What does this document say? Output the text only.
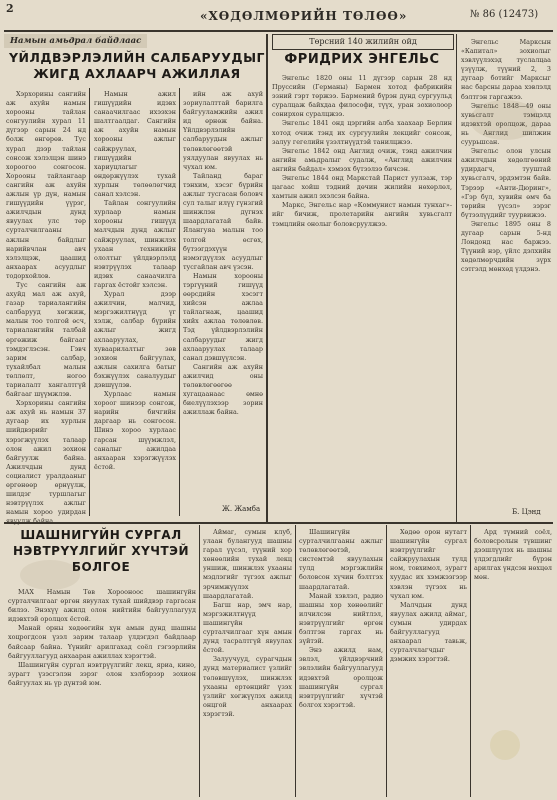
2
«ХӨДӨЛМӨРИЙН ТӨЛӨӨ»	№ 86 (12473)
Намын амьдрал байдлаас
ҮЙЛДВЭРЛЭЛИЙН САЛБАРУУДЫГ ЖИГД АХЛААРЧ АЖИЛЛАЯ

Хэрхорины сангийн аж ахуйн намын хорооны тайлан сонгуулийн хурал 11 дүгээр сарын 24 нд болж өнгөрөв. Тус хурал дээр тайлан сонсож хэлэлцэн шинэ хороогоо сонгосон. Хорооны тайлангаар сангийн аж ахуйн ажлын үр дүн, намын гишүүдийн үүрэг, ажилчдын дунд явуулах улс төр сурталчилгааны ажлын байдлыг нарийвчлан авч хэлэлцэж, цаашид анхаарах асуудлыг тодорхойлов.

Тус сангийн аж ахуйд мал аж ахуй, газар тариалангийн салбарууд хөгжиж, малын тоо толгой өсч, тариалангийн талбай өргөжиж байгааг тэмдэглэсэн. Гэвч зарим салбар, тухайлбал малын төллөлт, ногоо тариалалт хангалтгүй байгааг шүүмжлэв.

Хэрхорины сангийн аж ахуй нь намын 37 дугаар их хурлын шийдвэрийг хэрэгжүүлэх талаар олон ажил зохион байгуулж байна. Ажилчдын дунд социалист уралдааныг өргөнөөр өрнүүлж, шилдэг туршлагыг нэвтрүүлэх ажлыг намын хороо удирдан

Намын ажил гишүүдийн идэвх санаачилгаас ихээхэн шалтгаалдаг. Сангийн аж ахуйн намын хорооны ажлыг сайжруулах, гишүүдийн хариуцлагыг өндөржүүлэх тухай хурлын төлөөлөгчид санал хэлсэн.

Тайлан сонгуулийн хурлаар намын хорооны гишүүд малчдын дунд ажлыг сайжруулах, шинжлэх ухаан техникийн ололтыг үйлдвэрлэлд нэвтрүүлэх талаар идэвх санаачилга гаргах ёстойг хэлсэн.

Хурал дээр ажилчин, малчид, мэргэжилтнүүд үг хэлж, салбар бүрийн ажлыг жигд ахлааруулах, хуваарилалтыг зөв зохион байгуулах, ажлын сахилга батыг бэхжүүлэх саналуудыг дэвшүүлэв.

Хурлаас намын хороог шинээр сонгож, нарийн бичгийн даргаар нь сонгосон. Шинэ хороо хурлаас гарсан шүүмжлэл, саналыг ажилдаа анхааран хэрэгжүүлэх ёстой.

ийн аж ахуй зориулалттай барилга байгууламжийн ажил ид өрнөж байна. Үйлдвэрлэлийн салбаруудын ажлыг төлөвлөгөөтэй уялдуулан явуулах нь чухал юм.

Тайланд бараг тэнхим, хэсэг бүрийн ажлыг тусгасан боловч сул талыг илүү гүнзгий шинжлэн дүгнэх шаардлагатай байв. Ялангуяа малын тоо толгой өсгөх, бүтээгдэхүүн нэмэгдүүлэх асуудлыг тусгайлан авч үзсэн.

Намын хорооны тэргүүний гишүүд өөрсдийн хэсэгт хийсэн ажлаа тайлагнаж, цаашид хийх ажлаа төлөвлөв. Тэд үйлдвэрлэлийн салбаруудыг жигд ахлааруулах талаар санал дэвшүүлсэн.

Сангийн аж ахуйн ажилчид оны төлөвлөгөөгөө хугацаанаас өмнө биелүүлэхээр зорин ажиллаж байна.

Ж. Жамба
Төрсний 140 жилийн ойд
ФРИДРИХ ЭНГЕЛЬС

Энгельс 1820 оны 11 дүгээр сарын 28 нд Пруссийн (Германы) Бармен хотод фабрикийн эзний гэрт төржээ. Бармений бүрэн дунд сургуульд суралцаж байхдаа философи, түүх, уран зохиолоор сонирхон суралцжээ.

Энгельс 1841 онд цэргийн алба хаахаар Берлин хотод очиж тэнд их сургуулийн лекцийг сонсож, залуу гегелийн үзэлтнүүдтэй танилцжээ.

Энгельс 1842 онд Англид очиж, тэнд ажилчин ангийн амьдралыг судалж, «Англид ажилчин ангийн байдал» хэмээх бүтээлээ бичсэн.

Энгельс 1844 онд Маркстай Парист уулзаж, тэр цагаас хойш тэдний дөчин жилийн нөхөрлөл, хамтын ажил эхэлсэн байна.

Маркс, Энгельс нар «Коммунист намын тунхаг»-ийг бичиж, пролетарийн ангийн хувьсгалт тэмцлийн онолыг боловсруулжээ.

Энгельс Марксын «Капитал» зохиолыг хэвлүүлэхэд туслалцаа үзүүлж, түүний 2, 3 дугаар ботийг Марксыг нас барсны дараа хэвлэлд бэлтгэн гаргажээ.

Энгельс 1848—49 оны хувьсгалт тэмцэлд идэвхтэй оролцож, дараа нь Англид шилжин суурьшсан.

Энгельс олон улсын ажилчдын хөдөлгөөний удирдагч, тууштай хувьсгалч, эрдэмтэн байв. Тэрээр «Анти-Дюринг», «Гэр бүл, хувийн өмч ба төрийн үүсэл» зэрэг бүтээлүүдийг туурвижээ.

Энгельс 1895 оны 8 дугаар сарын 5-нд Лондонд нас баржээ. Түүний нэр, үйлс дэлхийн хөдөлмөрчдийн зүрх сэтгэлд мөнхөд үлдэнэ.

Б. Цэнд
ШАШНИГҮЙН СУРГАЛ НЭВТРҮҮЛГИЙГ ХҮЧТЭЙ БОЛГОЕ

МАХ Намын Төв Хорооноос шашингүйн сурталчилгааг өргөн явуулах тухай шийдвэр гаргасан билээ. Энэхүү ажилд олон нийтийн байгууллагууд идэвхтэй оролцох ёстой.

Манай орны хөдөөгийн хүн амын дунд шашны хоцрогдсон үзэл зарим талаар үлдэгдэл байдлаар байсаар байна. Үүнийг арилгахад соёл гэгээрлийн байгууллагууд анхааран ажиллах хэрэгтэй.

Шашингүйн сургал нэвтрүүлгийг лекц, яриа, кино, зурагт үзэсгэлэн зэрэг олон хэлбэрээр зохион байгуулах нь үр дүнтэй юм.

Аймаг, сумын клуб, улаан булангууд шашны гарал үүсэл, түүний хор хөнөөлийн тухай лекц уншиж, шинжлэх ухааны мэдлэгийг түгээх ажлыг эрчимжүүлэх шаардлагатай.

Багш нар, эмч нар, мэргэжилтнүүд шашингүйн сурталчилгааг хүн амын дунд тасралтгүй явуулах ёстой.

Залуучууд, сурагчдын дунд материалист үзлийг төлөвшүүлэх, шинжлэх ухааны ертөнцийг үзэх үзлийг хөгжүүлэх ажилд онцгой анхаарах хэрэгтэй.

Шашингүйн сурталчилгааны ажлыг төлөвлөгөөтэй, системтэй явуулахын тулд мэргэжлийн боловсон хүчин бэлтгэх шаардлагатай.

Манай хэвлэл, радио шашны хор хөнөөлийг илчилсэн нийтлэл, нэвтрүүлгийг өргөн бэлтгэн гаргах нь зүйтэй.

Энэ ажилд нам, эвлэл, үйлдвэрчний эвлэлийн байгууллагууд идэвхтэй оролцож шашингүйн сургал нэвтрүүлгийг хүчтэй болгох хэрэгтэй.

Хөдөө орон нутагт шашингүйн сургал нэвтрүүлгийг сайжруулахын тулд ном, товхимол, зурагт хуудас их хэмжээгээр хэвлэн түгээх нь чухал юм.

Малчдын дунд явуулах ажилд аймаг, сумын удирдах байгууллагууд анхаарал тавьж, сурталчлагчдыг дэмжих хэрэгтэй.

Ард түмний соёл, боловсролын түвшинг дээшлүүлэх нь шашны үлдэгдлийг бүрэн арилгах үндсэн нөхцөл мөн.
